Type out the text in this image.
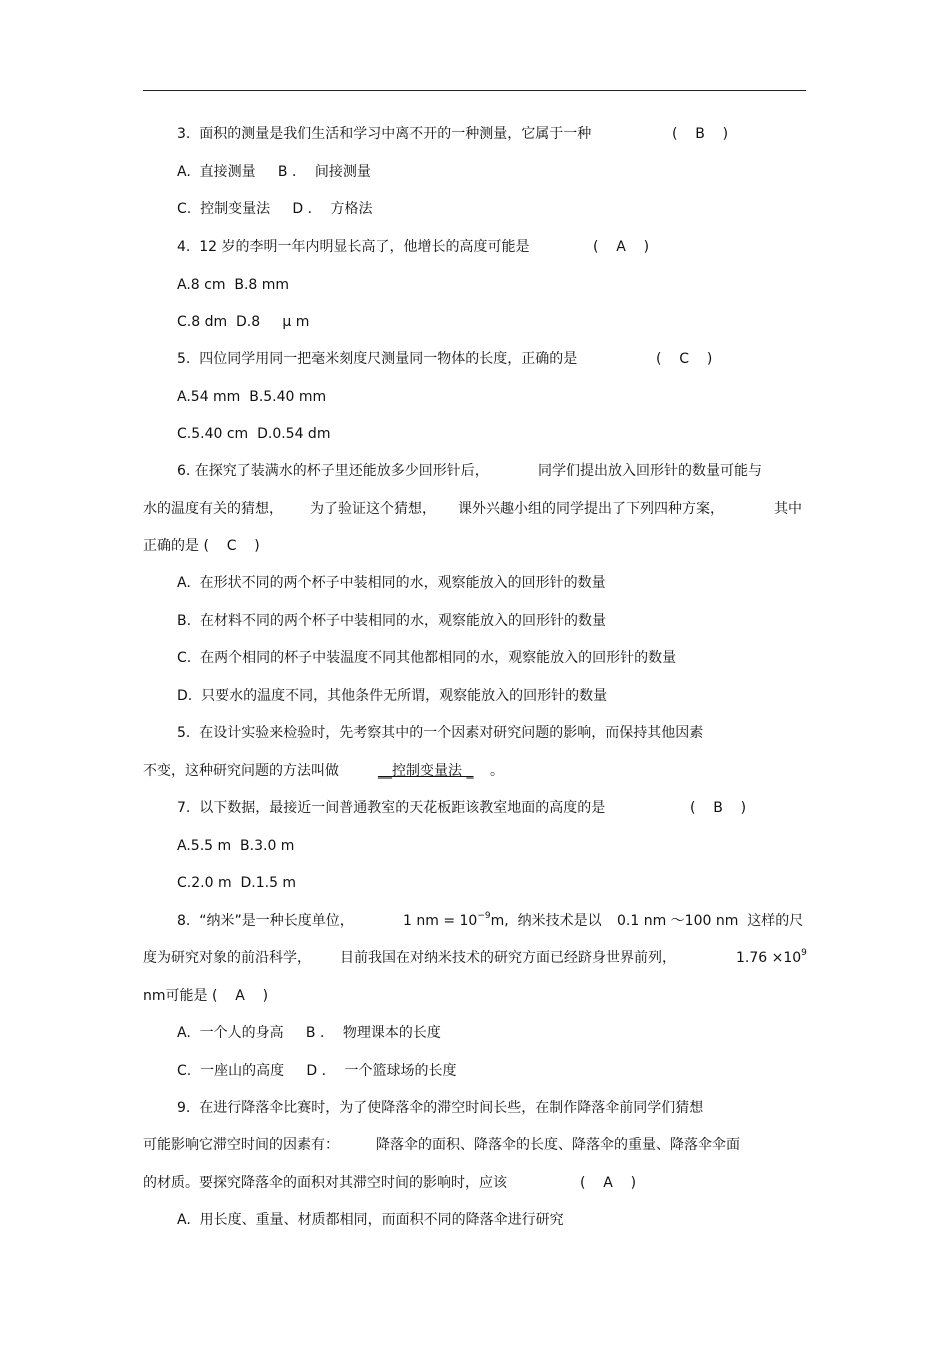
3.  面积的测量是我们生活和学习中离不开的一种测量，它属于一种	(    B    )
A.  直接测量     B ．  间接测量
C.  控制变量法     D ．  方格法
4.  12 岁的李明一年内明显长高了，他增长的高度可能是	(    A    )
A.8 cm  B.8 mm
C.8 dm  D.8     μ m
5.  四位同学用同一把毫米刻度尺测量同一物体的长度，正确的是	(    C    )
A.54 mm  B.5.40 mm
C.5.40 cm  D.0.54 dm
6. 在探究了装满水的杯子里还能放多少回形针后，	同学们提出放入回形针的数量可能与
水的温度有关的猜想， 为了验证这个猜想， 课外兴趣小组的同学提出了下列四种方案，	其中
正确的是 (    C    )
A.  在形状不同的两个杯子中装相同的水，观察能放入的回形针的数量
B.  在材料不同的两个杯子中装相同的水，观察能放入的回形针的数量
C.  在两个相同的杯子中装温度不同其他都相同的水，观察能放入的回形针的数量
D.  只要水的温度不同，其他条件无所谓，观察能放入的回形针的数量
5.  在设计实验来检验时，先考察其中的一个因素对研究问题的影响，而保持其他因素
不变，这种研究问题的方法叫做	__控制变量法 _ 。
7.  以下数据，最接近一间普通教室的天花板距该教室地面的高度的是	(    B    )
A.5.5 m  B.3.0 m
C.2.0 m  D.1.5 m
8.  “纳米”是一种长度单位，	1 nm = $10^{-9}m$,  纳米技术是以 0.1 nm ～100 nm  这样的尺
度为研究对象的前沿科学， 目前我国在对纳米技术的研究方面已经跻身世界前列，	$1.76 \times 10^9$
nm可能是 (    A    )
A.  一个人的身高     B ．  物理课本的长度
C.  一座山的高度     D ．  一个篮球场的长度
9.  在进行降落伞比赛时，为了使降落伞的滞空时间长些，在制作降落伞前同学们猜想
可能影响它滞空时间的因素有：	降落伞的面积、降落伞的长度、降落伞的重量、降落伞伞面
的材质。要探究降落伞的面积对其滞空时间的影响时，应该	(    A    )
A.  用长度、重量、材质都相同，而面积不同的降落伞进行研究
